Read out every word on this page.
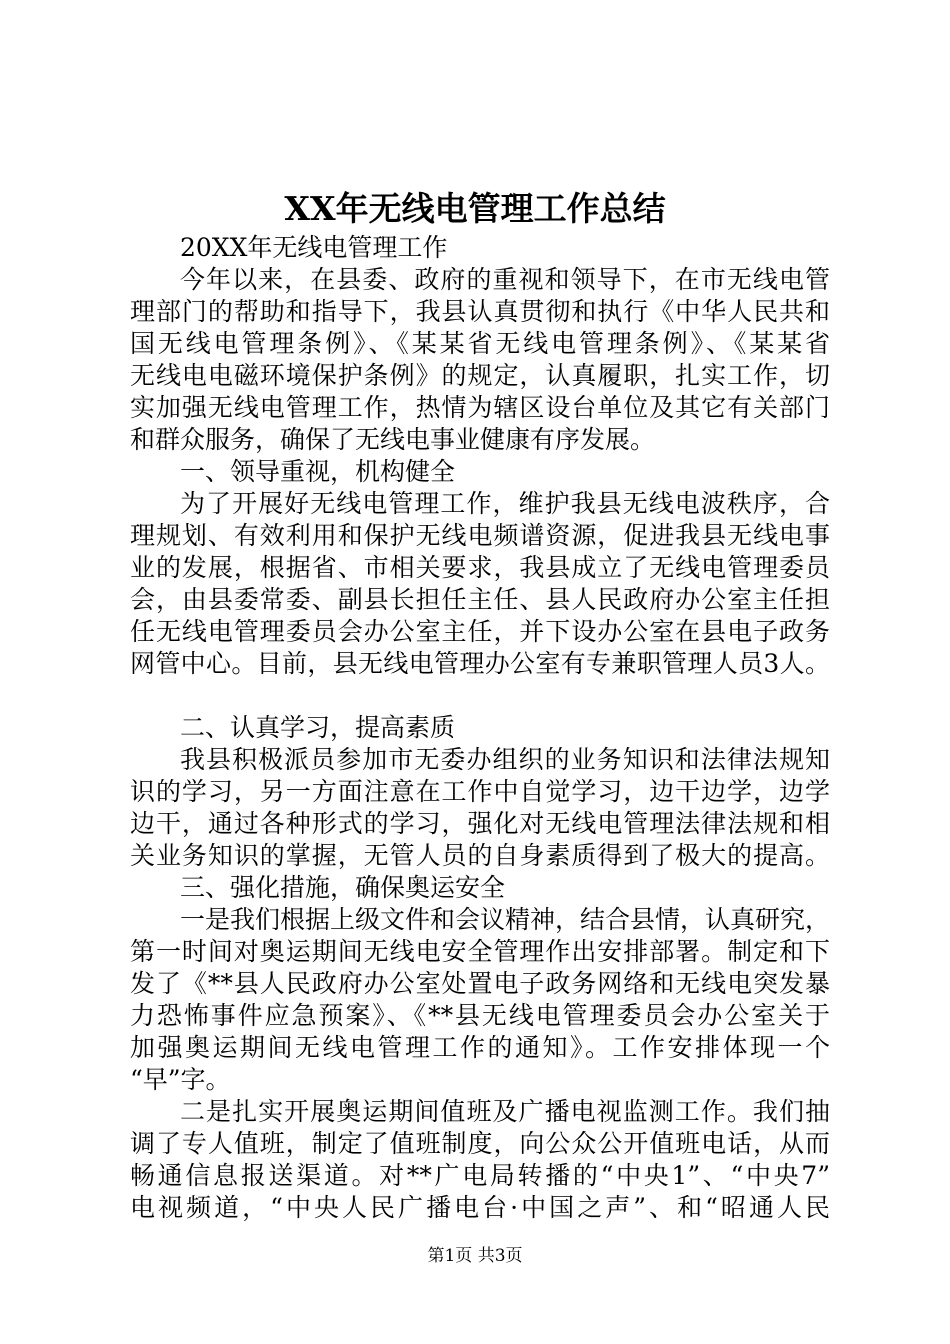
XX年无线电管理工作总结
20XX年无线电管理工作
今年以来，在县委、政府的重视和领导下，在市无线电管
理部门的帮助和指导下，我县认真贯彻和执行《中华人民共和
国无线电管理条例》、《某某省无线电管理条例》、《某某省
无线电电磁环境保护条例》的规定，认真履职，扎实工作，切
实加强无线电管理工作，热情为辖区设台单位及其它有关部门
和群众服务，确保了无线电事业健康有序发展。
一、领导重视，机构健全
为了开展好无线电管理工作，维护我县无线电波秩序，合
理规划、有效利用和保护无线电频谱资源，促进我县无线电事
业的发展，根据省、市相关要求，我县成立了无线电管理委员
会，由县委常委、副县长担任主任、县人民政府办公室主任担
任无线电管理委员会办公室主任，并下设办公室在县电子政务
网管中心。目前，县无线电管理办公室有专兼职管理人员3人。
二、认真学习，提高素质
我县积极派员参加市无委办组织的业务知识和法律法规知
识的学习，另一方面注意在工作中自觉学习，边干边学，边学
边干，通过各种形式的学习，强化对无线电管理法律法规和相
关业务知识的掌握，无管人员的自身素质得到了极大的提高。
三、强化措施，确保奥运安全
一是我们根据上级文件和会议精神，结合县情，认真研究，
第一时间对奥运期间无线电安全管理作出安排部署。制定和下
发了《**县人民政府办公室处置电子政务网络和无线电突发暴
力恐怖事件应急预案》、《**县无线电管理委员会办公室关于
加强奥运期间无线电管理工作的通知》。工作安排体现一个
“早”字。
二是扎实开展奥运期间值班及广播电视监测工作。我们抽
调了专人值班，制定了值班制度，向公众公开值班电话，从而
畅通信息报送渠道。对**广电局转播的“中央1”、“中央7”
电视频道，“中央人民广播电台·中国之声”、和“昭通人民
第1页 共3页
